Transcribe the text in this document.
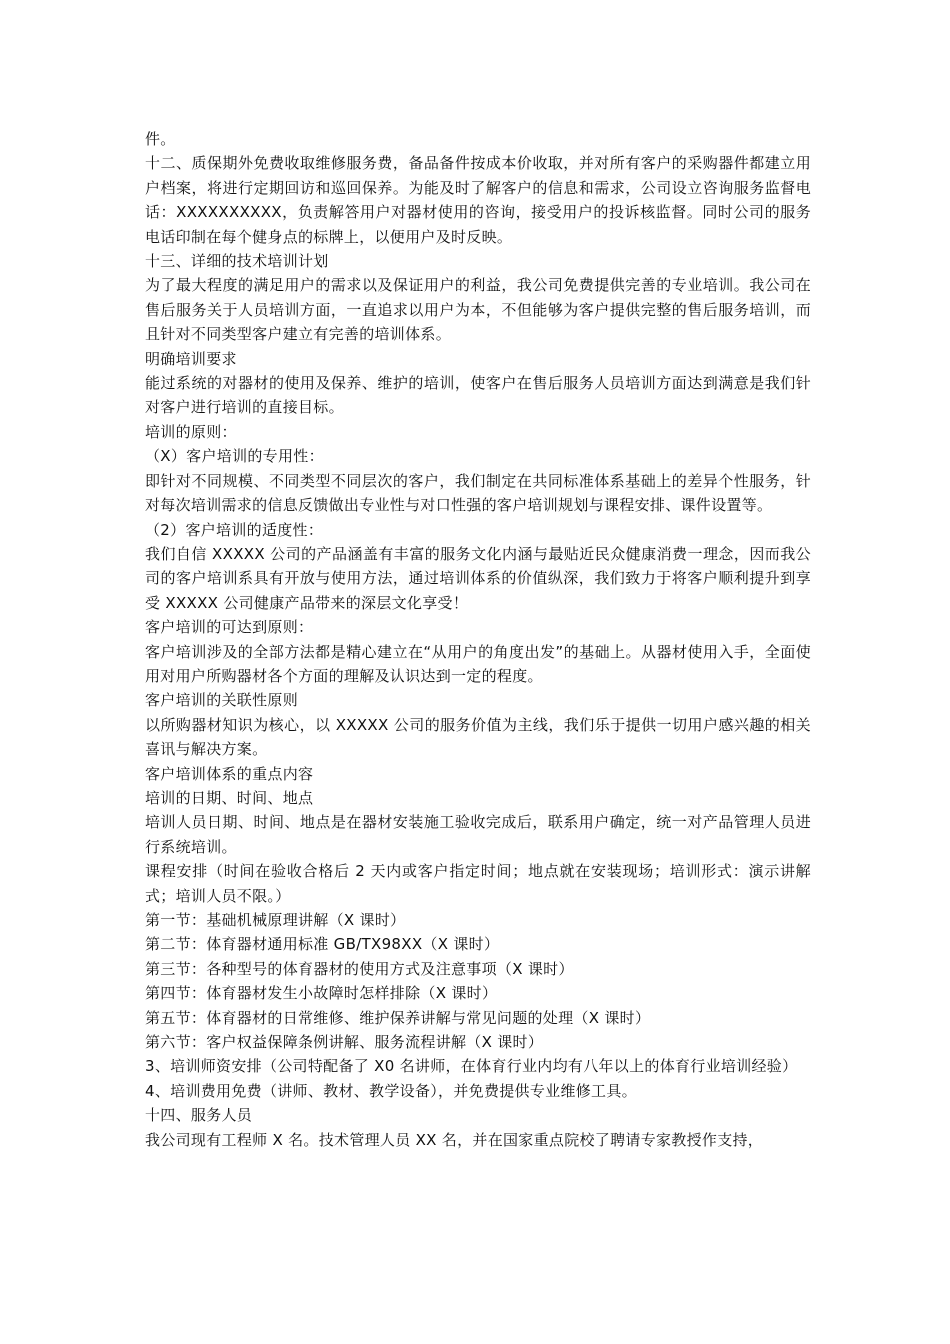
件。

十二、质保期外免费收取维修服务费，备品备件按成本价收取，并对所有客户的采购器件都建立用户档案，将进行定期回访和巡回保养。为能及时了解客户的信息和需求，公司设立咨询服务监督电话：XXXXXXXXXX，负责解答用户对器材使用的咨询，接受用户的投诉核监督。同时公司的服务电话印制在每个健身点的标牌上，以便用户及时反映。

十三、详细的技术培训计划

为了最大程度的满足用户的需求以及保证用户的利益，我公司免费提供完善的专业培训。我公司在售后服务关于人员培训方面，一直追求以用户为本，不但能够为客户提供完整的售后服务培训，而且针对不同类型客户建立有完善的培训体系。

明确培训要求

能过系统的对器材的使用及保养、维护的培训，使客户在售后服务人员培训方面达到满意是我们针对客户进行培训的直接目标。

培训的原则：

（X）客户培训的专用性：

即针对不同规模、不同类型不同层次的客户，我们制定在共同标准体系基础上的差异个性服务，针对每次培训需求的信息反馈做出专业性与对口性强的客户培训规划与课程安排、课件设置等。

（2）客户培训的适度性：

我们自信 XXXXX 公司的产品涵盖有丰富的服务文化内涵与最贴近民众健康消费一理念，因而我公司的客户培训系具有开放与使用方法，通过培训体系的价值纵深，我们致力于将客户顺利提升到享受 XXXXX 公司健康产品带来的深层文化享受！

客户培训的可达到原则：

客户培训涉及的全部方法都是精心建立在“从用户的角度出发”的基础上。从器材使用入手，全面使用对用户所购器材各个方面的理解及认识达到一定的程度。

客户培训的关联性原则

以所购器材知识为核心，以 XXXXX 公司的服务价值为主线，我们乐于提供一切用户感兴趣的相关喜讯与解决方案。

客户培训体系的重点内容

培训的日期、时间、地点

培训人员日期、时间、地点是在器材安装施工验收完成后，联系用户确定，统一对产品管理人员进行系统培训。

课程安排（时间在验收合格后 2 天内或客户指定时间；地点就在安装现场；培训形式：演示讲解式；培训人员不限。）

第一节：基础机械原理讲解（X 课时）

第二节：体育器材通用标准 GB/TX98XX（X 课时）

第三节：各种型号的体育器材的使用方式及注意事项（X 课时）

第四节：体育器材发生小故障时怎样排除（X 课时）

第五节：体育器材的日常维修、维护保养讲解与常见问题的处理（X 课时）

第六节：客户权益保障条例讲解、服务流程讲解（X 课时）

3、培训师资安排（公司特配备了 X0 名讲师，在体育行业内均有八年以上的体育行业培训经验）

4、培训费用免费（讲师、教材、教学设备），并免费提供专业维修工具。

十四、服务人员

我公司现有工程师 X 名。技术管理人员 XX 名，并在国家重点院校了聘请专家教授作支持，
